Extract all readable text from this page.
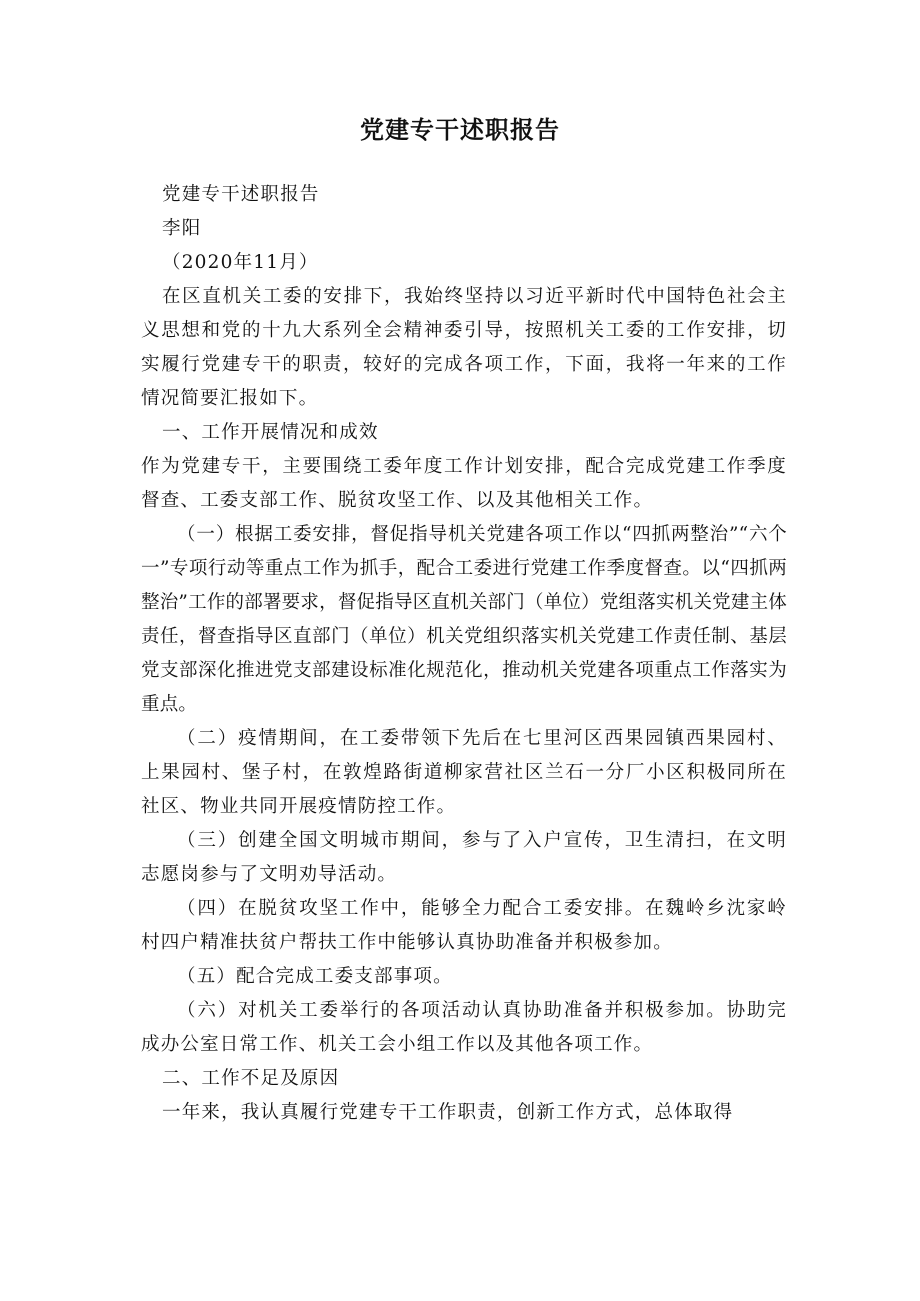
党建专干述职报告

党建专干述职报告

李阳

（2020年11月）

在区直机关工委的安排下，我始终坚持以习近平新时代中国特色社会主义思想和党的十九大系列全会精神委引导，按照机关工委的工作安排，切实履行党建专干的职责，较好的完成各项工作，下面，我将一年来的工作情况简要汇报如下。

一、工作开展情况和成效

作为党建专干，主要围绕工委年度工作计划安排，配合完成党建工作季度督查、工委支部工作、脱贫攻坚工作、以及其他相关工作。

（一）根据工委安排，督促指导机关党建各项工作以“四抓两整治”“六个一”专项行动等重点工作为抓手，配合工委进行党建工作季度督查。以“四抓两整治”工作的部署要求，督促指导区直机关部门（单位）党组落实机关党建主体责任，督查指导区直部门（单位）机关党组织落实机关党建工作责任制、基层党支部深化推进党支部建设标准化规范化，推动机关党建各项重点工作落实为重点。

（二）疫情期间，在工委带领下先后在七里河区西果园镇西果园村、上果园村、堡子村，在敦煌路街道柳家营社区兰石一分厂小区积极同所在社区、物业共同开展疫情防控工作。

（三）创建全国文明城市期间，参与了入户宣传，卫生清扫，在文明志愿岗参与了文明劝导活动。

（四）在脱贫攻坚工作中，能够全力配合工委安排。在魏岭乡沈家岭村四户精准扶贫户帮扶工作中能够认真协助准备并积极参加。

（五）配合完成工委支部事项。

（六）对机关工委举行的各项活动认真协助准备并积极参加。协助完成办公室日常工作、机关工会小组工作以及其他各项工作。

二、工作不足及原因

一年来，我认真履行党建专干工作职责，创新工作方式，总体取得
